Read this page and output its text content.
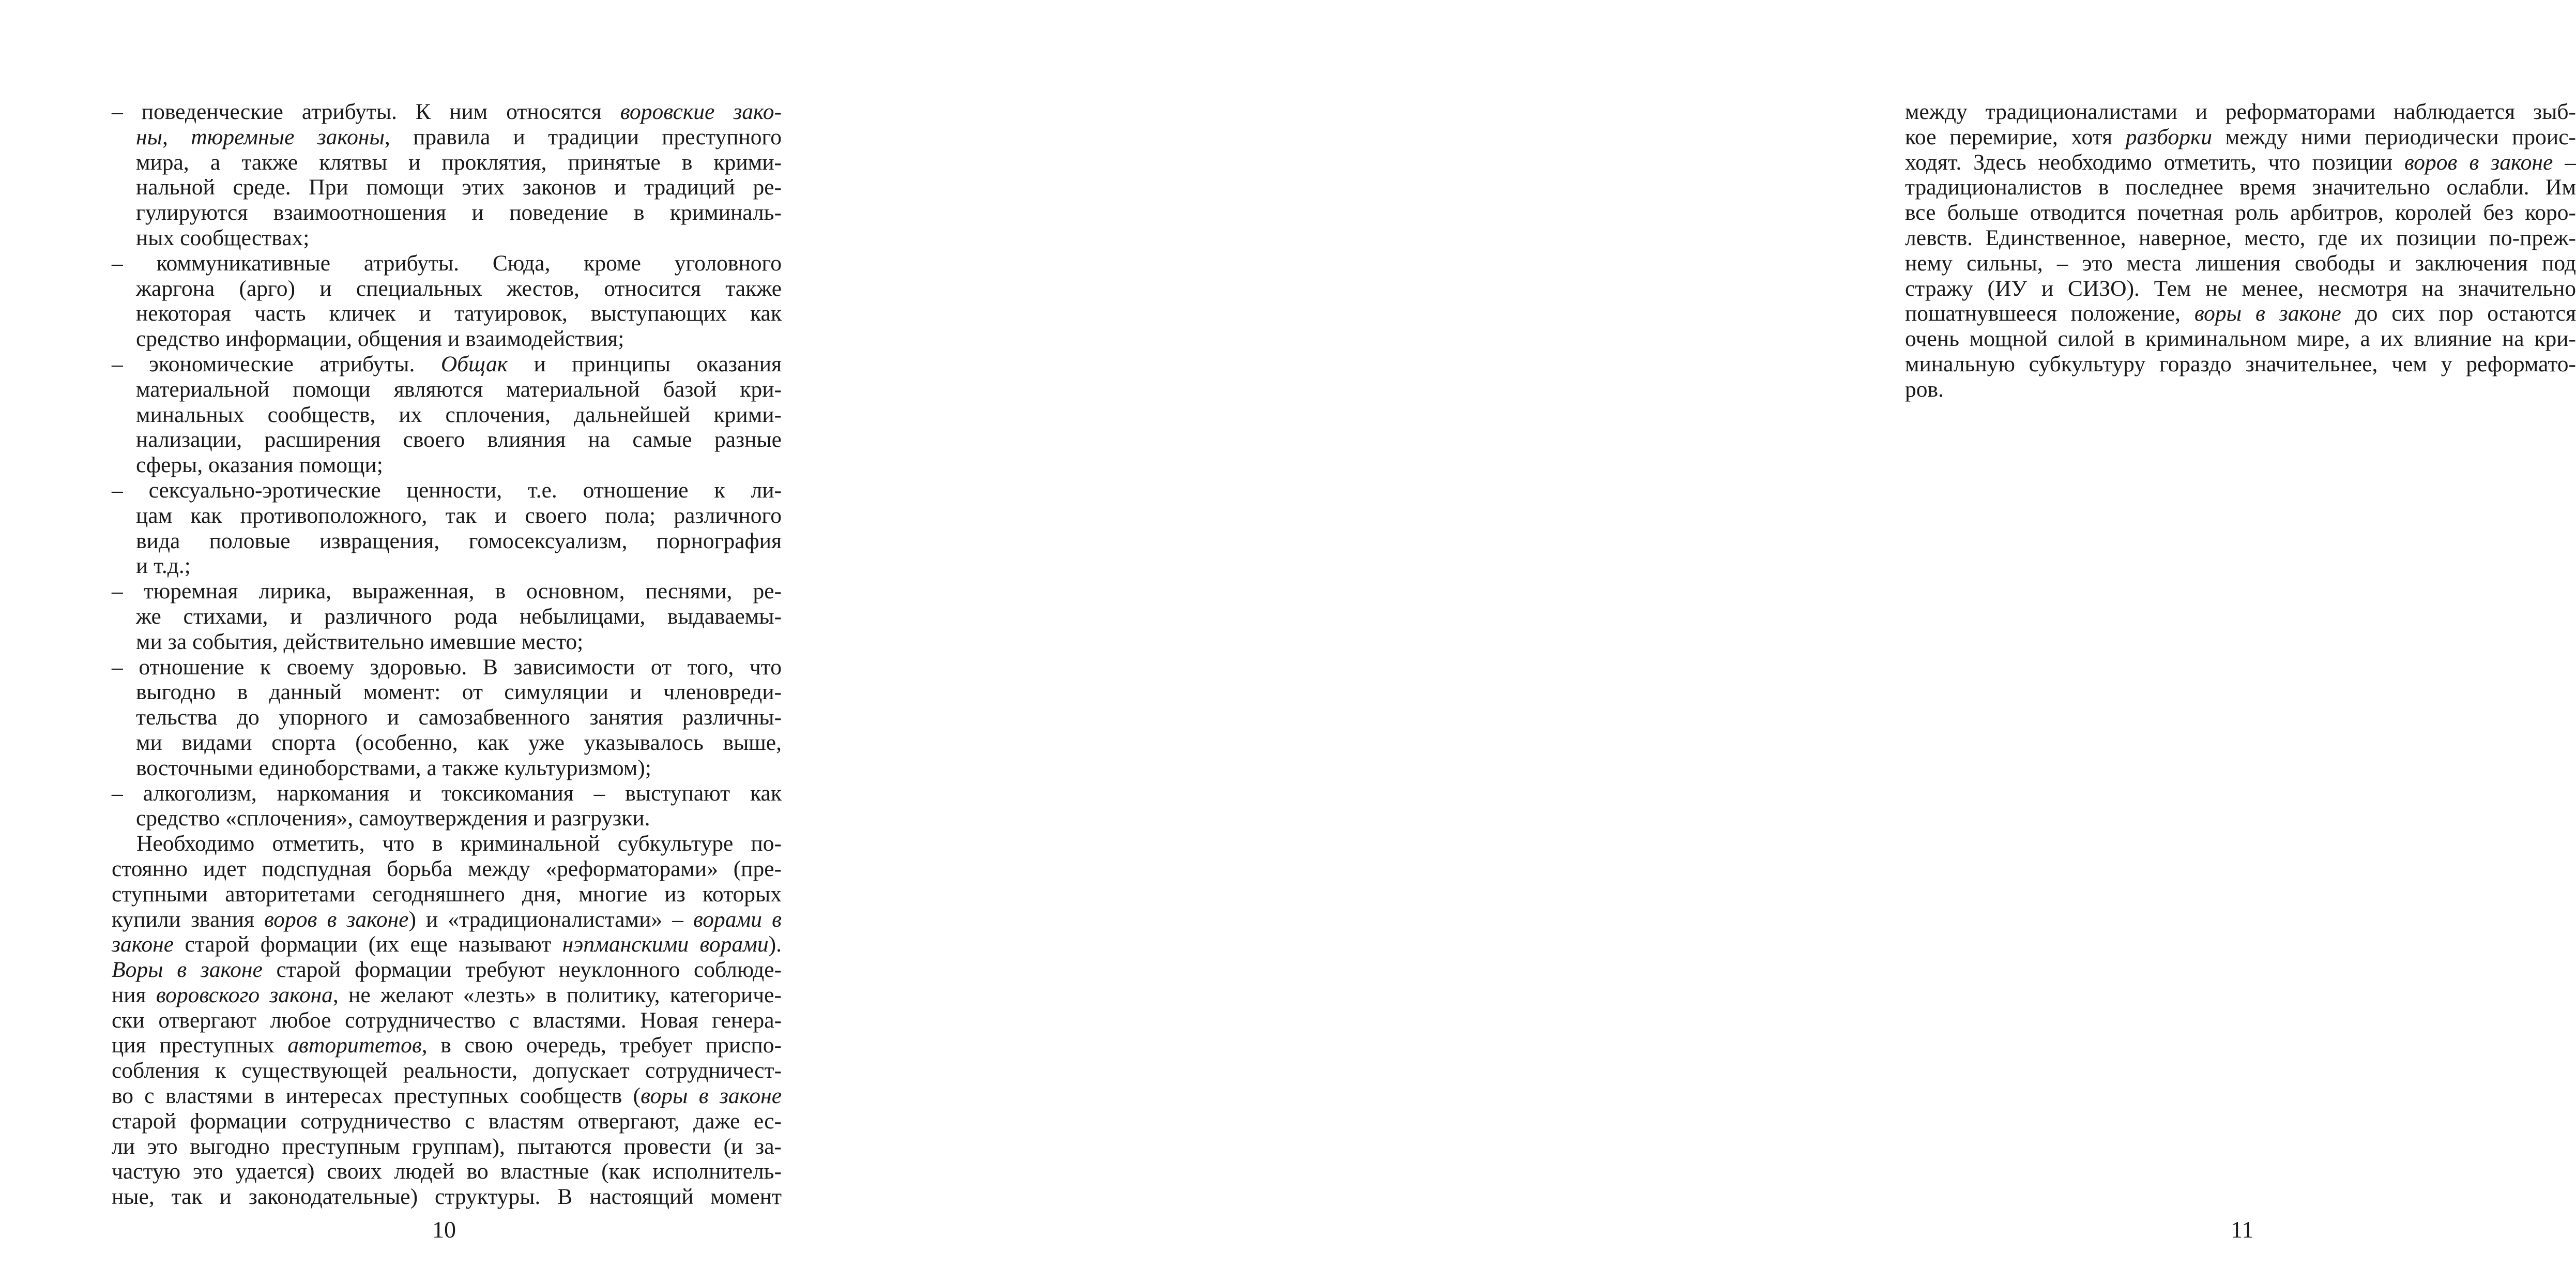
– поведенческие атрибуты. К ним относятся воровские зако-
ны, тюремные законы, правила и традиции преступного
мира, а также клятвы и проклятия, принятые в крими-
нальной среде. При помощи этих законов и традиций ре-
гулируются взаимоотношения и поведение в криминаль-
ных сообществах;
– коммуникативные атрибуты. Сюда, кроме уголовного
жаргона (арго) и специальных жестов, относится также
некоторая часть кличек и татуировок, выступающих как
средство информации, общения и взаимодействия;
– экономические атрибуты. Общак и принципы оказания
материальной помощи являются материальной базой кри-
минальных сообществ, их сплочения, дальнейшей крими-
нализации, расширения своего влияния на самые разные
сферы, оказания помощи;
– сексуально-эротические ценности, т.е. отношение к ли-
цам как противоположного, так и своего пола; различного
вида половые извращения, гомосексуализм, порнография
и т.д.;
– тюремная лирика, выраженная, в основном, песнями, ре-
же стихами, и различного рода небылицами, выдаваемы-
ми за события, действительно имевшие место;
– отношение к своему здоровью. В зависимости от того, что
выгодно в данный момент: от симуляции и членовреди-
тельства до упорного и самозабвенного занятия различны-
ми видами спорта (особенно, как уже указывалось выше,
восточными единоборствами, а также культуризмом);
– алкоголизм, наркомания и токсикомания – выступают как
средство «сплочения», самоутверждения и разгрузки.
Необходимо отметить, что в криминальной субкультуре по-
стоянно идет подспудная борьба между «реформаторами» (пре-
ступными авторитетами сегодняшнего дня, многие из которых
купили звания воров в законе) и «традиционалистами» – ворами в
законе старой формации (их еще называют нэпманскими ворами).
Воры в законе старой формации требуют неуклонного соблюде-
ния воровского закона, не желают «лезть» в политику, категориче-
ски отвергают любое сотрудничество с властями. Новая генера-
ция преступных авторитетов, в свою очередь, требует приспо-
собления к существующей реальности, допускает сотрудничест-
во с властями в интересах преступных сообществ (воры в законе
старой формации сотрудничество с властям отвергают, даже ес-
ли это выгодно преступным группам), пытаются провести (и за-
частую это удается) своих людей во властные (как исполнитель-
ные, так и законодательные) структуры. В настоящий момент
10
между традиционалистами и реформаторами наблюдается зыб-
кое перемирие, хотя разборки между ними периодически проис-
ходят. Здесь необходимо отметить, что позиции воров в законе –
традиционалистов в последнее время значительно ослабли. Им
все больше отводится почетная роль арбитров, королей без коро-
левств. Единственное, наверное, место, где их позиции по-преж-
нему сильны, – это места лишения свободы и заключения под
стражу (ИУ и СИЗО). Тем не менее, несмотря на значительно
пошатнувшееся положение, воры в законе до сих пор остаются
очень мощной силой в криминальном мире, а их влияние на кри-
минальную субкультуру гораздо значительнее, чем у реформато-
ров.
11
